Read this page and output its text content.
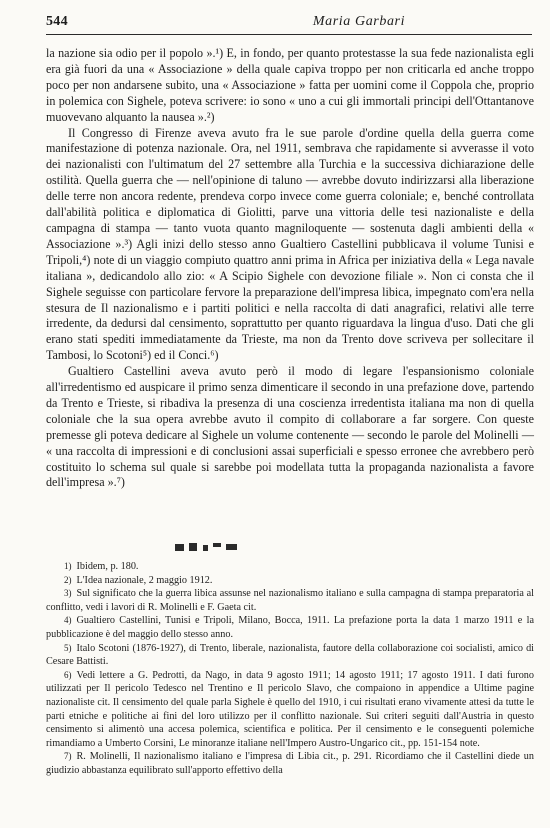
544	Maria Garbari

la nazione sia odio per il popolo ».¹) E, in fondo, per quanto protestasse la sua fede nazionalista egli era già fuori da una « Associazione » della quale capiva troppo per non criticarla ed anche troppo poco per non andarsene subito, una « Associazione » fatta per uomini come il Coppola che, proprio in polemica con Sighele, poteva scrivere: io sono « uno a cui gli immortali principi dell'Ottantanove muovevano alquanto la nausea ».²)

Il Congresso di Firenze aveva avuto fra le sue parole d'ordine quella della guerra come manifestazione di potenza nazionale. Ora, nel 1911, sembrava che rapidamente si avverasse il voto dei nazionalisti con l'ultimatum del 27 settembre alla Turchia e la successiva dichiarazione delle ostilità. Quella guerra che — nell'opinione di taluno — avrebbe dovuto indirizzarsi alla liberazione delle terre non ancora redente, prendeva corpo invece come guerra coloniale; e, benché controllata dall'abilità politica e diplomatica di Giolitti, parve una vittoria delle tesi nazionaliste e della campagna di stampa — tanto vuota quanto magniloquente — sostenuta dagli ambienti della « Associazione ».³) Agli inizi dello stesso anno Gualtiero Castellini pubblicava il volume Tunisi e Tripoli,⁴) note di un viaggio compiuto quattro anni prima in Africa per iniziativa della « Lega navale italiana », dedicandolo allo zio: « A Scipio Sighele con devozione filiale ». Non ci consta che il Sighele seguisse con particolare fervore la preparazione dell'impresa libica, impegnato com'era nella stesura de Il nazionalismo e i partiti politici e nella raccolta di dati anagrafici, relativi alle terre irredente, da dedursi dal censimento, soprattutto per quanto riguardava la lingua d'uso. Dati che gli erano stati spediti immediatamente da Trieste, ma non da Trento dove scriveva per sollecitare il Tambosi, lo Scotoni⁵) ed il Conci.⁶)

Gualtiero Castellini aveva avuto però il modo di legare l'espansionismo coloniale all'irredentismo ed auspicare il primo senza dimenticare il secondo in una prefazione dove, partendo da Trento e Trieste, si ribadiva la presenza di una coscienza irredentista italiana ma non di quella coloniale che la sua opera avrebbe avuto il compito di collaborare a far sorgere. Con queste premesse gli poteva dedicare al Sighele un volume contenente — secondo le parole del Molinelli — « una raccolta di impressioni e di conclusioni assai superficiali e spesso erronee che avrebbero però costituito lo schema sul quale si sarebbe poi modellata tutta la propaganda nazionalista a favore dell'impresa ».⁷)

1) Ibidem, p. 180.

2) L'Idea nazionale, 2 maggio 1912.

3) Sul significato che la guerra libica assunse nel nazionalismo italiano e sulla campagna di stampa preparatoria al conflitto, vedi i lavori di R. Molinelli e F. Gaeta cit.

4) Gualtiero Castellini, Tunisi e Tripoli, Milano, Bocca, 1911. La prefazione porta la data 1 marzo 1911 e la pubblicazione è del maggio dello stesso anno.

5) Italo Scotoni (1876-1927), di Trento, liberale, nazionalista, fautore della collaborazione coi socialisti, amico di Cesare Battisti.

6) Vedi lettere a G. Pedrotti, da Nago, in data 9 agosto 1911; 14 agosto 1911; 17 agosto 1911. I dati furono utilizzati per Il pericolo Tedesco nel Trentino e Il pericolo Slavo, che compaiono in appendice a Ultime pagine nazionaliste cit. Il censimento del quale parla Sighele è quello del 1910, i cui risultati erano vivamente attesi da tutte le parti etniche e politiche ai fini del loro utilizzo per il conflitto nazionale. Sui criteri seguiti dall'Austria in questo censimento si alimentò una accesa polemica, scientifica e politica. Per il censimento e le conseguenti polemiche rimandiamo a Umberto Corsini, Le minoranze italiane nell'Impero Austro-Ungarico cit., pp. 151-154 note.

7) R. Molinelli, Il nazionalismo italiano e l'impresa di Libia cit., p. 291. Ricordiamo che il Castellini diede un giudizio abbastanza equilibrato sull'apporto effettivo della
